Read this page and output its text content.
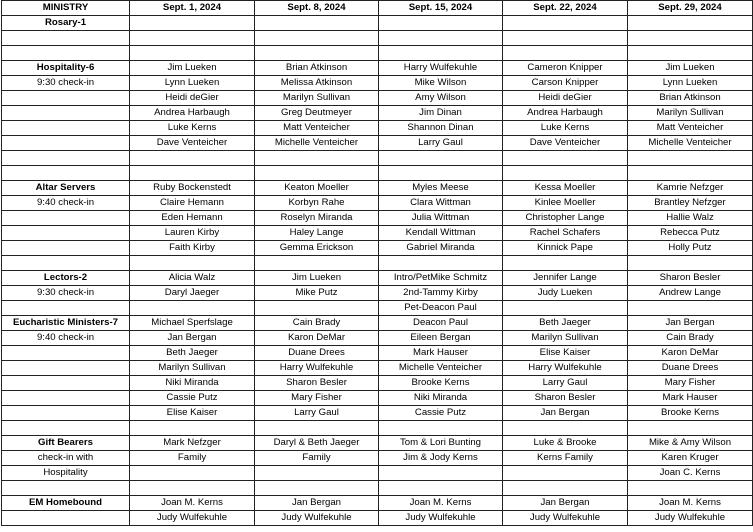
MINISTRY	Sept. 1, 2024	Sept. 8, 2024	Sept. 15, 2024	Sept. 22, 2024	Sept. 29, 2024
Rosary-1					

Hospitality-6	Jim Lueken	Brian Atkinson	Harry Wulfekuhle	Cameron Knipper	Jim Lueken
9:30 check-in	Lynn Lueken	Melissa Atkinson	Mike Wilson	Carson Knipper	Lynn Lueken
	Heidi deGier	Marilyn Sullivan	Amy Wilson	Heidi deGier	Brian Atkinson
	Andrea Harbaugh	Greg Deutmeyer	Jim Dinan	Andrea Harbaugh	Marilyn Sullivan
	Luke Kerns	Matt Venteicher	Shannon Dinan	Luke Kerns	Matt Venteicher
	Dave Venteicher	Michelle Venteicher	Larry Gaul	Dave Venteicher	Michelle Venteicher

Altar Servers	Ruby Bockenstedt	Keaton Moeller	Myles Meese	Kessa Moeller	Kamrie Nefzger
9:40 check-in	Claire Hemann	Korbyn Rahe	Clara Wittman	Kinlee Moeller	Brantley Nefzger
	Eden Hemann	Roselyn Miranda	Julia Wittman	Christopher Lange	Hallie Walz
	Lauren Kirby	Haley Lange	Kendall Wittman	Rachel Schafers	Rebecca Putz
	Faith Kirby	Gemma Erickson	Gabriel Miranda	Kinnick Pape	Holly Putz

Lectors-2	Alicia Walz	Jim Lueken	Intro/PetMike Schmitz	Jennifer Lange	Sharon Besler
9:30 check-in	Daryl Jaeger	Mike Putz	2nd-Tammy Kirby	Judy Lueken	Andrew Lange
			Pet-Deacon Paul		
Eucharistic Ministers-7	Michael Sperfslage	Cain Brady	Deacon Paul	Beth Jaeger	Jan Bergan
9:40 check-in	Jan Bergan	Karon DeMar	Eileen Bergan	Marilyn Sullivan	Cain Brady
	Beth Jaeger	Duane Drees	Mark Hauser	Elise Kaiser	Karon DeMar
	Marilyn Sullivan	Harry Wulfekuhle	Michelle Venteicher	Harry Wulfekuhle	Duane Drees
	Niki Miranda	Sharon Besler	Brooke Kerns	Larry Gaul	Mary Fisher
	Cassie Putz	Mary Fisher	Niki Miranda	Sharon Besler	Mark Hauser
	Elise Kaiser	Larry Gaul	Cassie Putz	Jan Bergan	Brooke Kerns

Gift Bearers	Mark Nefzger	Daryl & Beth Jaeger	Tom & Lori Bunting	Luke & Brooke	Mike & Amy Wilson
check-in with	Family	Family	Jim & Jody Kerns	Kerns Family	Karen Kruger
Hospitality					Joan C. Kerns

EM Homebound	Joan M. Kerns	Jan Bergan	Joan M. Kerns	Jan Bergan	Joan M. Kerns
	Judy Wulfekuhle	Judy Wulfekuhle	Judy Wulfekuhle	Judy Wulfekuhle	Judy Wulfekuhle
